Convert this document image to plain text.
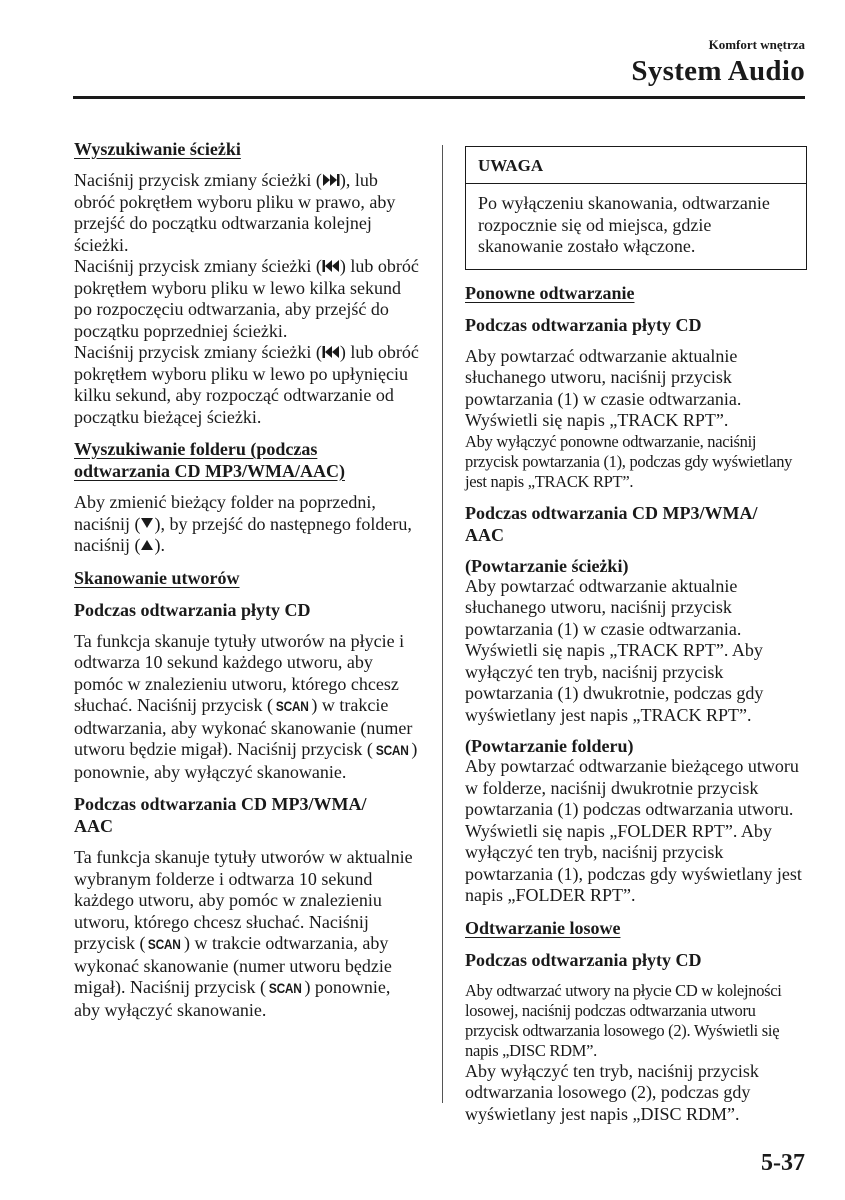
Komfort wnętrza
System Audio
Wyszukiwanie ścieżki

Naciśnij przycisk zmiany ścieżki ( ), lub obróć pokrętłem wyboru pliku w prawo, aby przejść do początku odtwarzania kolejnej ścieżki.

Naciśnij przycisk zmiany ścieżki ( ) lub obróć pokrętłem wyboru pliku w lewo kilka sekund po rozpoczęciu odtwarzania, aby przejść do początku poprzedniej ścieżki.

Naciśnij przycisk zmiany ścieżki ( ) lub obróć pokrętłem wyboru pliku w lewo po upłynięciu kilku sekund, aby rozpocząć odtwarzanie od początku bieżącej ścieżki.

Wyszukiwanie folderu (podczas
odtwarzania CD MP3/WMA/AAC)

Aby zmienić bieżący folder na poprzedni, naciśnij ( ), by przejść do następnego folderu, naciśnij ( ).

Skanowanie utworów
Podczas odtwarzania płyty CD

Ta funkcja skanuje tytuły utworów na płycie i odtwarza 10 sekund każdego utworu, aby pomóc w znalezieniu utworu, którego chcesz słuchać. Naciśnij przycisk ( SCAN ) w trakcie odtwarzania, aby wykonać skanowanie (numer utworu będzie migał). Naciśnij przycisk ( SCAN ) ponownie, aby wyłączyć skanowanie.

Podczas odtwarzania CD MP3/WMA/
AAC

Ta funkcja skanuje tytuły utworów w aktualnie wybranym folderze i odtwarza 10 sekund każdego utworu, aby pomóc w znalezieniu utworu, którego chcesz słuchać. Naciśnij przycisk ( SCAN ) w trakcie odtwarzania, aby wykonać skanowanie (numer utworu będzie migał). Naciśnij przycisk ( SCAN ) ponownie, aby wyłączyć skanowanie.

UWAGA
Po wyłączeniu skanowania, odtwarzanie rozpocznie się od miejsca, gdzie skanowanie zostało włączone.
Ponowne odtwarzanie
Podczas odtwarzania płyty CD

Aby powtarzać odtwarzanie aktualnie słuchanego utworu, naciśnij przycisk powtarzania (1) w czasie odtwarzania. Wyświetli się napis „TRACK RPT”.

Aby wyłączyć ponowne odtwarzanie, naciśnij przycisk powtarzania (1), podczas gdy wyświetlany jest napis „TRACK RPT”.

Podczas odtwarzania CD MP3/WMA/
AAC
(Powtarzanie ścieżki)

Aby powtarzać odtwarzanie aktualnie słuchanego utworu, naciśnij przycisk powtarzania (1) w czasie odtwarzania. Wyświetli się napis „TRACK RPT”. Aby wyłączyć ten tryb, naciśnij przycisk powtarzania (1) dwukrotnie, podczas gdy wyświetlany jest napis „TRACK RPT”.

(Powtarzanie folderu)

Aby powtarzać odtwarzanie bieżącego utworu w folderze, naciśnij dwukrotnie przycisk powtarzania (1) podczas odtwarzania utworu. Wyświetli się napis „FOLDER RPT”. Aby wyłączyć ten tryb, naciśnij przycisk powtarzania (1), podczas gdy wyświetlany jest napis „FOLDER RPT”.

Odtwarzanie losowe
Podczas odtwarzania płyty CD

Aby odtwarzać utwory na płycie CD w kolejności losowej, naciśnij podczas odtwarzania utworu przycisk odtwarzania losowego (2). Wyświetli się napis „DISC RDM”.

Aby wyłączyć ten tryb, naciśnij przycisk odtwarzania losowego (2), podczas gdy wyświetlany jest napis „DISC RDM”.

5-37
